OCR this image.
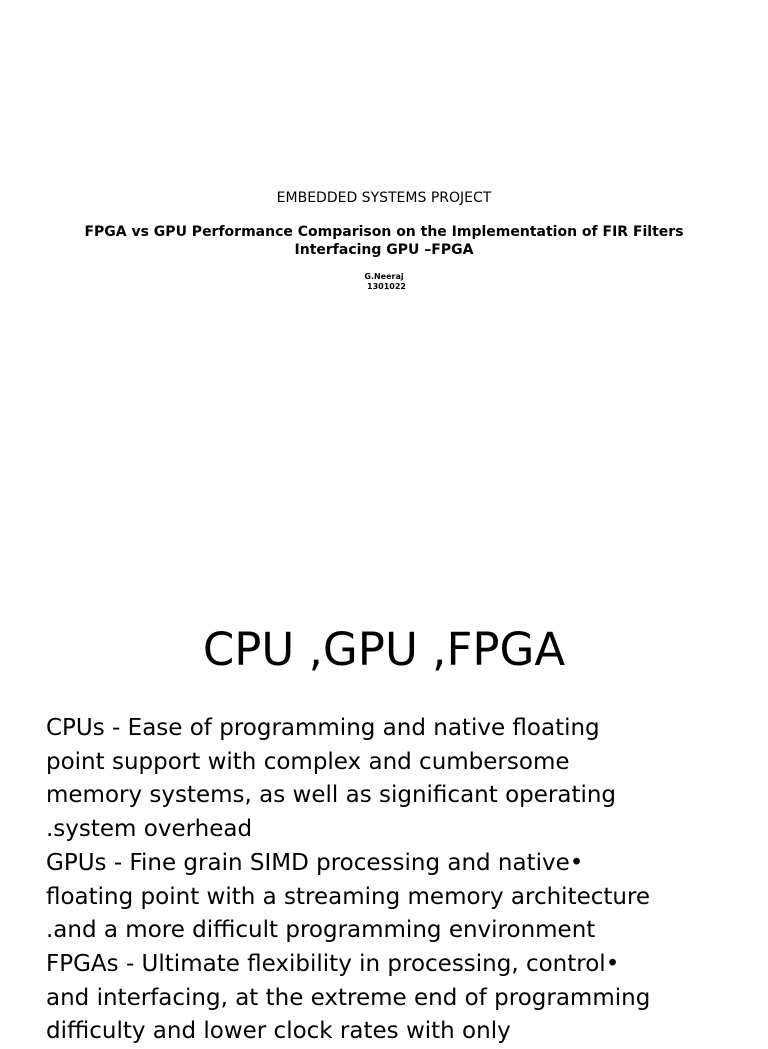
EMBEDDED SYSTEMS PROJECT
FPGA vs GPU Performance Comparison on the Implementation of FIR Filters
Interfacing GPU –FPGA
G.Neeraj
1301022
CPU ,GPU ,FPGA
CPUs - Ease of programming and native floating
point support with complex and cumbersome
memory systems, as well as significant operating
.system overhead
GPUs - Fine grain SIMD processing and native•
floating point with a streaming memory architecture
.and a more difficult programming environment
FPGAs - Ultimate flexibility in processing, control•
and interfacing, at the extreme end of programming
difficulty and lower clock rates with only
